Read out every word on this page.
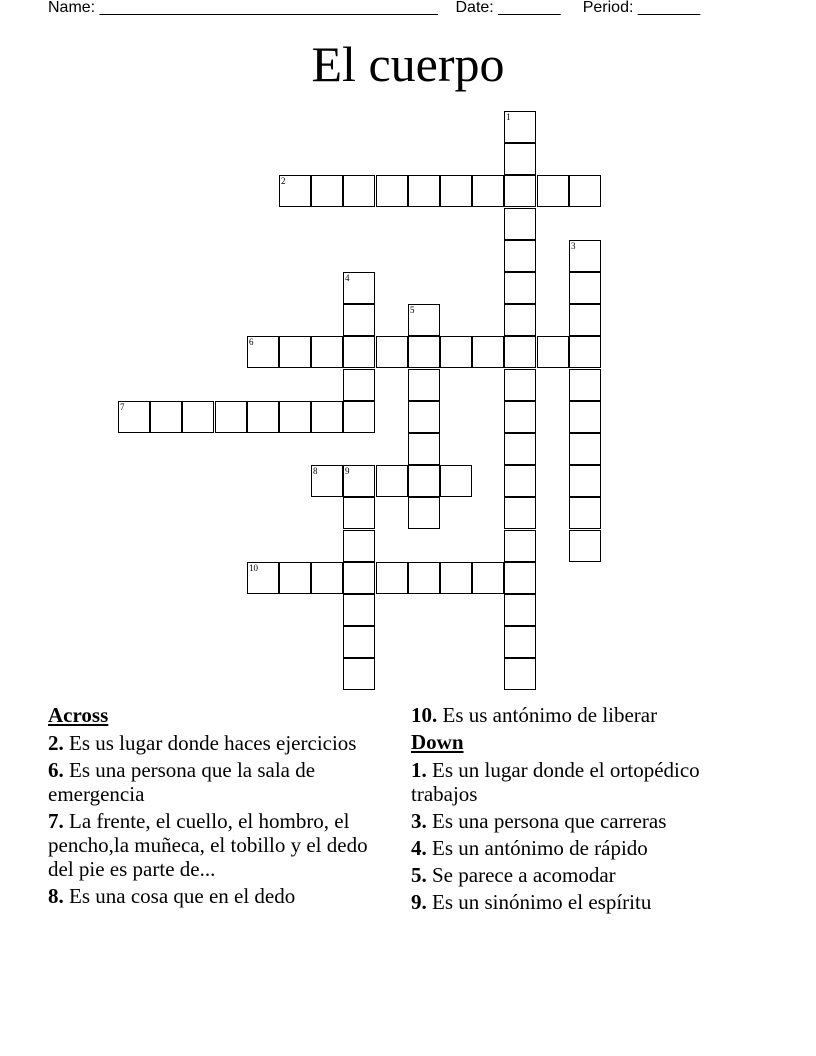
Name: ______________________________________ Date: _______ Period: _______
El cuerpo
1
2
3
4
5
6
7
8	9
10
Across
2. Es us lugar donde haces ejercicios
6. Es una persona que la sala de emergencia
7. La frente, el cuello, el hombro, el pencho,la muñeca, el tobillo y el dedo del pie es parte de...
8. Es una cosa que en el dedo
10. Es us antónimo de liberar
Down
1. Es un lugar donde el ortopédico trabajos
3. Es una persona que carreras
4. Es un antónimo de rápido
5. Se parece a acomodar
9. Es un sinónimo el espíritu
